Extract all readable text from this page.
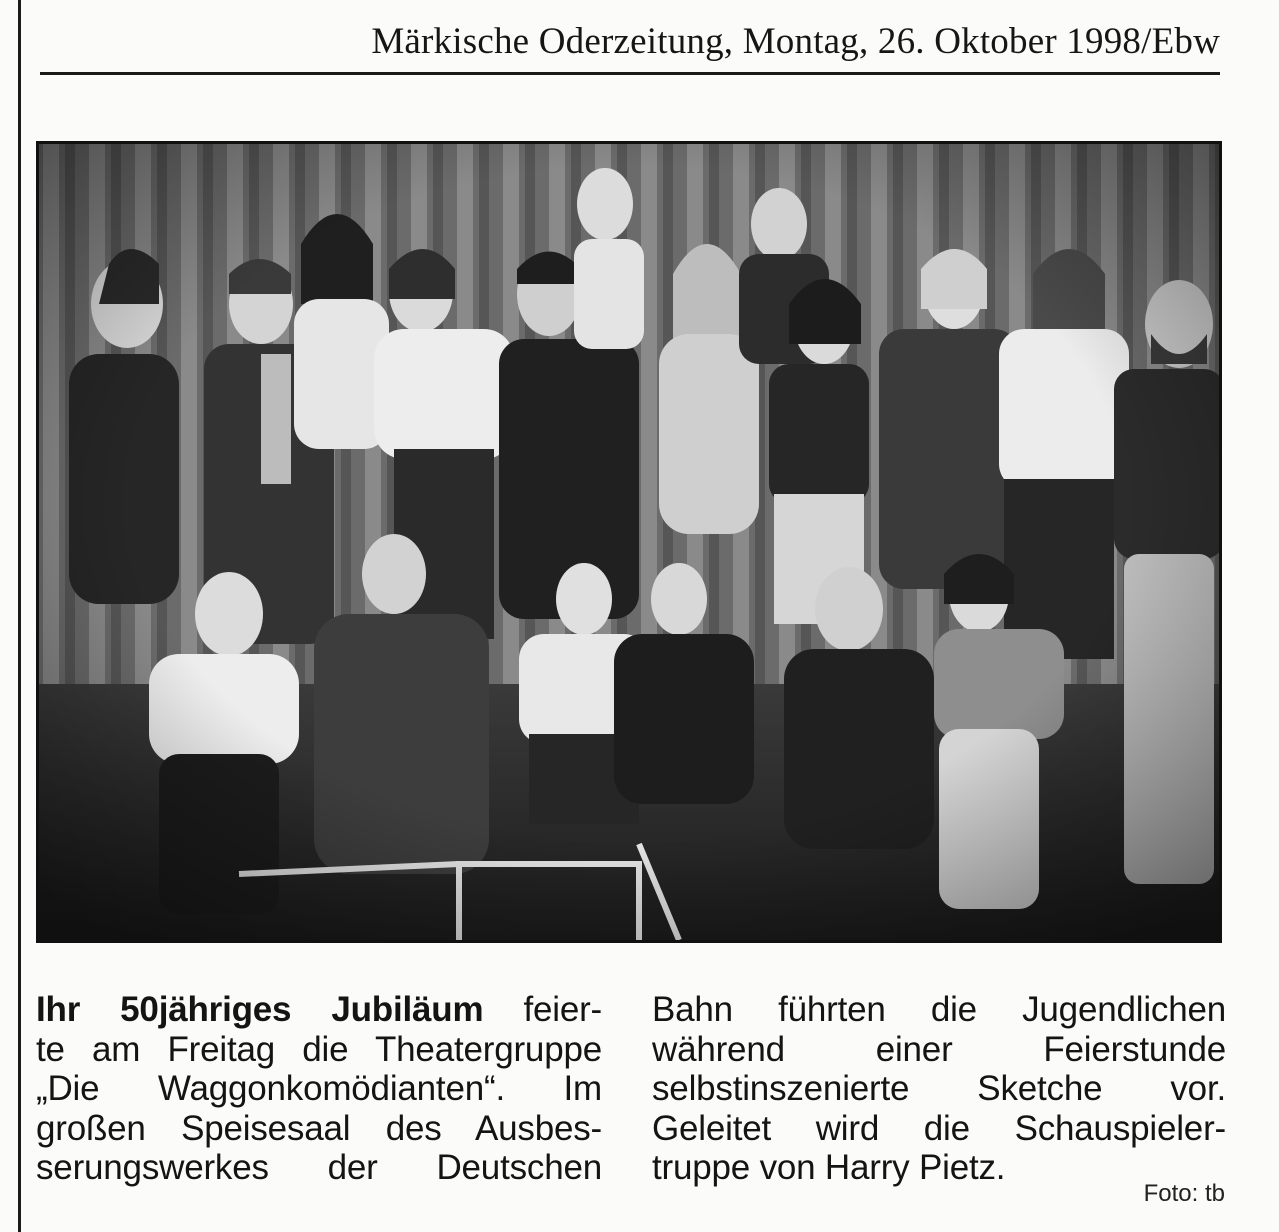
Märkische Oderzeitung, Montag, 26. Oktober 1998/Ebw
Ihr 50jähriges Jubiläum feier-
te am Freitag die Theatergruppe
„Die Waggonkomödianten“. Im
großen Speisesaal des Ausbes-
serungswerkes der Deutschen
Bahn führten die Jugendlichen
während einer Feierstunde
selbstinszenierte Sketche vor.
Geleitet wird die Schauspieler-
truppe von Harry Pietz.
Foto: tb
